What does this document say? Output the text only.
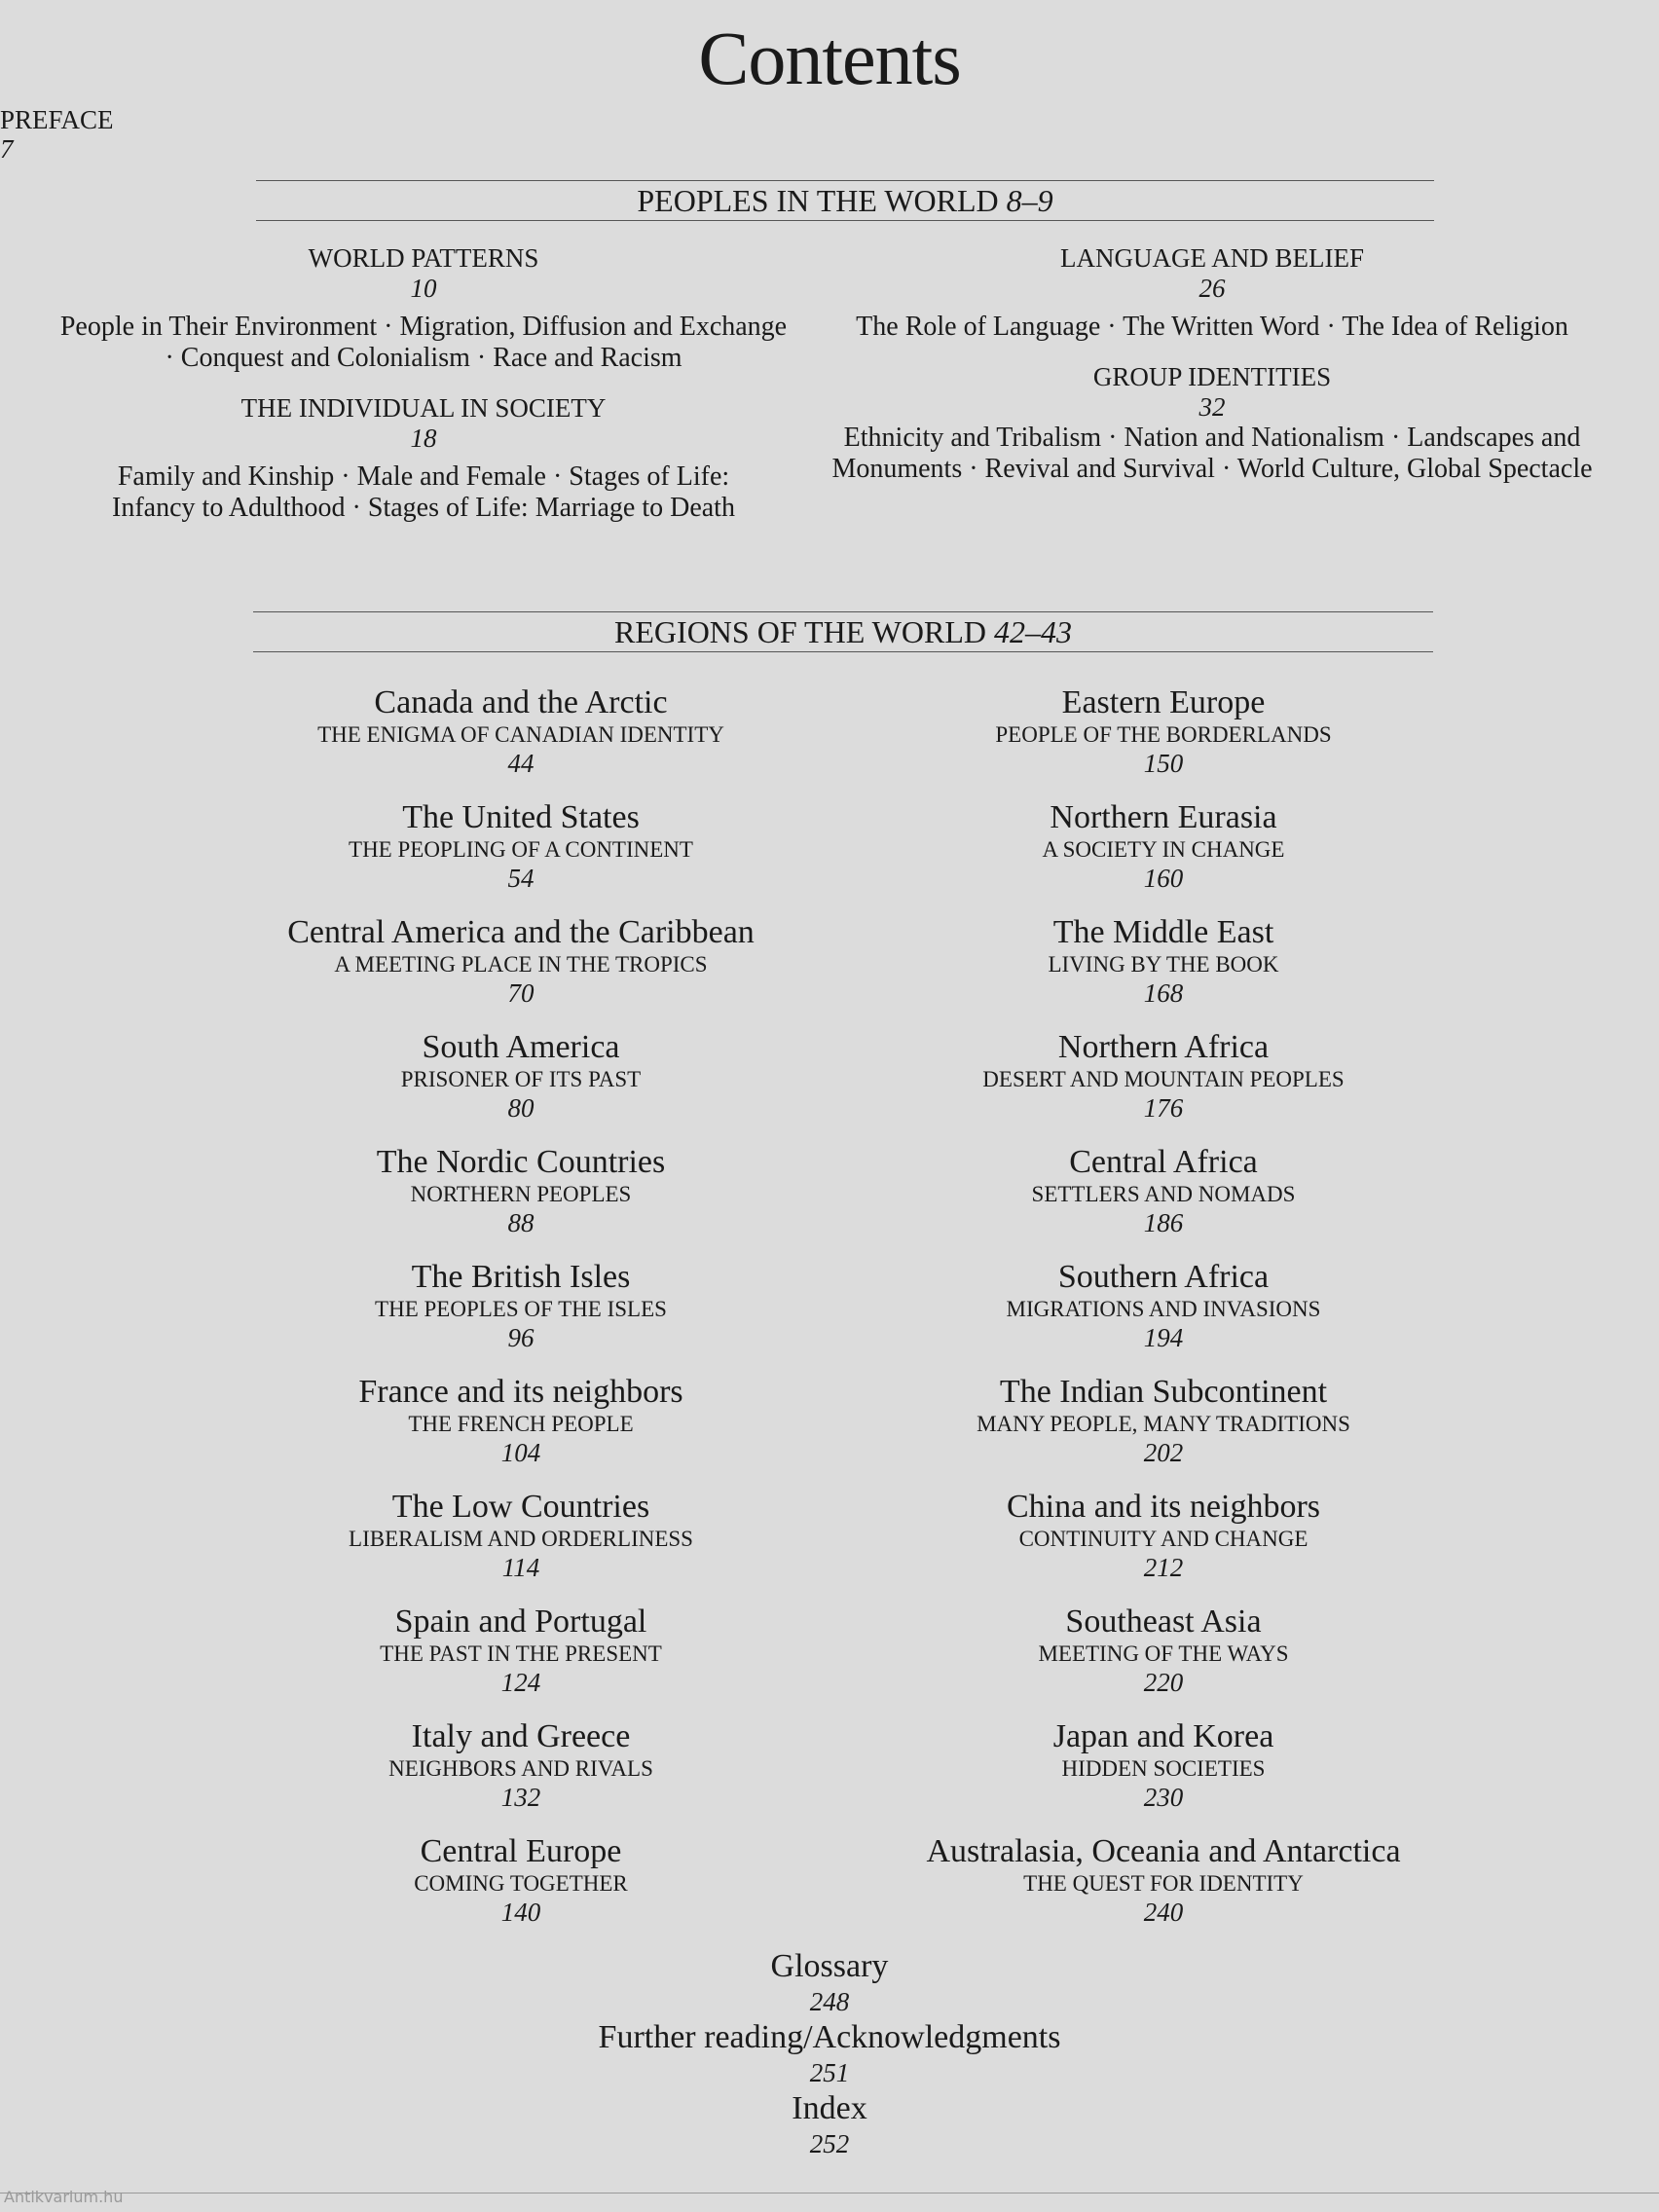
Contents
PREFACE
7
PEOPLES IN THE WORLD 8–9
WORLD PATTERNS
10
People in Their Environment · Migration, Diffusion and Exchange · Conquest and Colonialism · Race and Racism
THE INDIVIDUAL IN SOCIETY
18
Family and Kinship · Male and Female · Stages of Life: Infancy to Adulthood · Stages of Life: Marriage to Death
LANGUAGE AND BELIEF
26
The Role of Language · The Written Word · The Idea of Religion
GROUP IDENTITIES
32
Ethnicity and Tribalism · Nation and Nationalism · Landscapes and Monuments · Revival and Survival · World Culture, Global Spectacle
REGIONS OF THE WORLD 42–43
Canada and the Arctic
THE ENIGMA OF CANADIAN IDENTITY
44
The United States
THE PEOPLING OF A CONTINENT
54
Central America and the Caribbean
A MEETING PLACE IN THE TROPICS
70
South America
PRISONER OF ITS PAST
80
The Nordic Countries
NORTHERN PEOPLES
88
The British Isles
THE PEOPLES OF THE ISLES
96
France and its neighbors
THE FRENCH PEOPLE
104
The Low Countries
LIBERALISM AND ORDERLINESS
114
Spain and Portugal
THE PAST IN THE PRESENT
124
Italy and Greece
NEIGHBORS AND RIVALS
132
Central Europe
COMING TOGETHER
140
Eastern Europe
PEOPLE OF THE BORDERLANDS
150
Northern Eurasia
A SOCIETY IN CHANGE
160
The Middle East
LIVING BY THE BOOK
168
Northern Africa
DESERT AND MOUNTAIN PEOPLES
176
Central Africa
SETTLERS AND NOMADS
186
Southern Africa
MIGRATIONS AND INVASIONS
194
The Indian Subcontinent
MANY PEOPLE, MANY TRADITIONS
202
China and its neighbors
CONTINUITY AND CHANGE
212
Southeast Asia
MEETING OF THE WAYS
220
Japan and Korea
HIDDEN SOCIETIES
230
Australasia, Oceania and Antarctica
THE QUEST FOR IDENTITY
240
Glossary
248
Further reading/Acknowledgments
251
Index
252
Antikvarium.hu
